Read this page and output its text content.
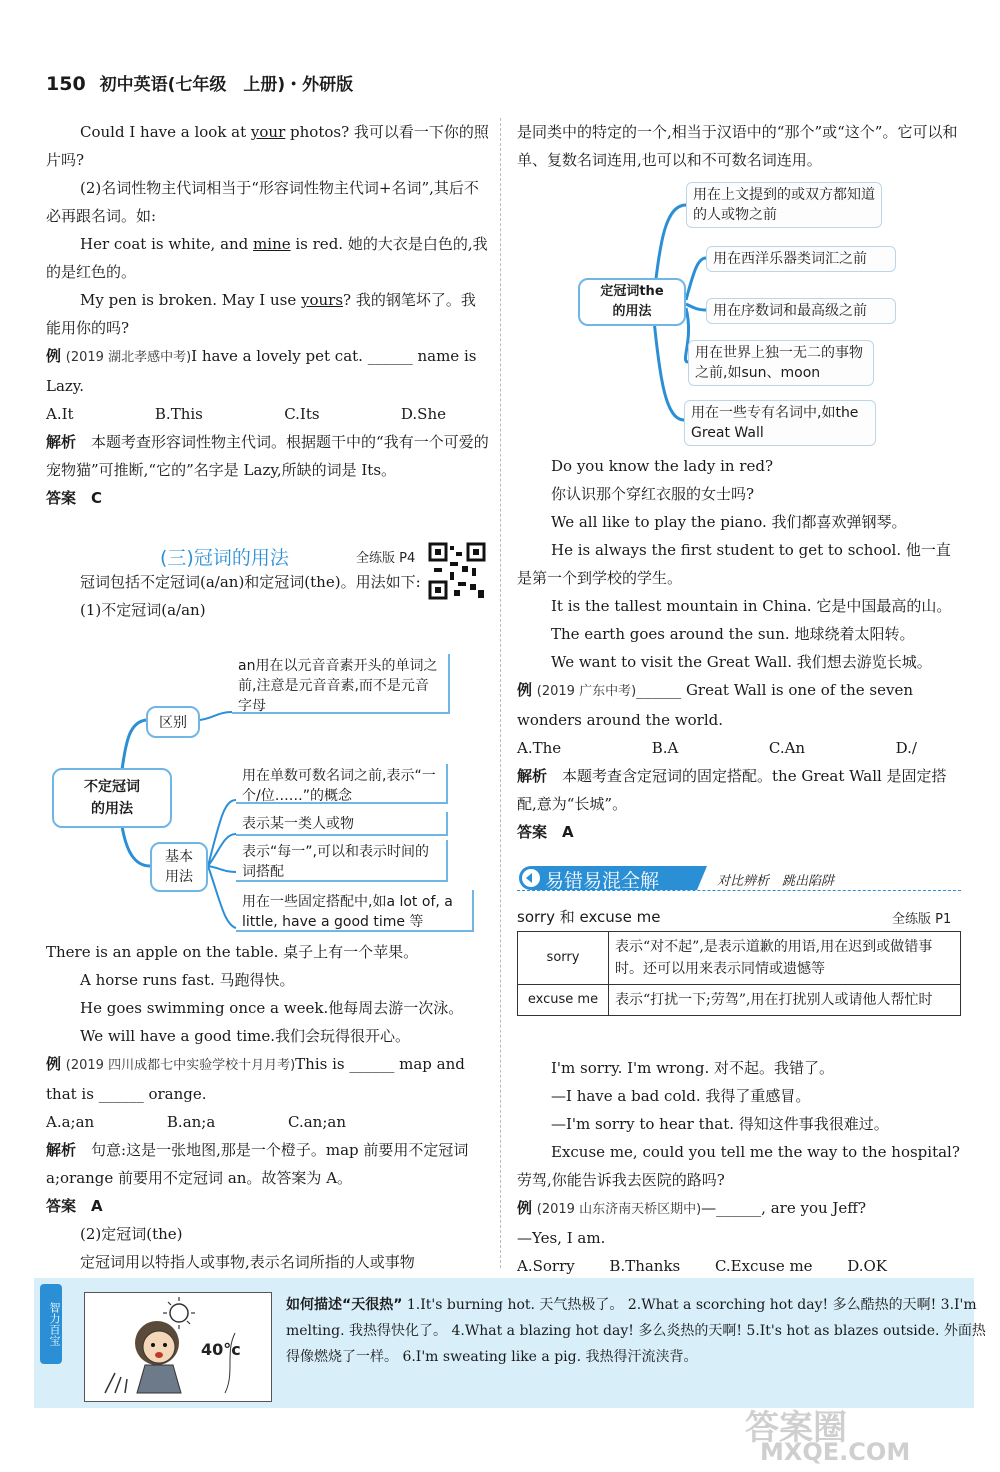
150 初中英语(七年级　上册)・外研版

Could I have a look at your photos? 我可以看一下你的照片吗?

(2)名词性物主代词相当于“形容词性物主代词+名词”,其后不必再跟名词。如:

Her coat is white, and mine is red. 她的大衣是白色的,我的是红色的。

My pen is broken. May I use yours? 我的钢笔坏了。我能用你的吗?

例 (2019 湖北孝感中考)I have a lovely pet cat. ______ name is Lazy.

A.It	B.This	C.Its	D.She

解析　 本题考查形容词性物主代词。根据题干中的“我有一个可爱的宠物猫”可推断,“它的”名字是 Lazy,所缺的词是 Its。

答案　 C

(三)冠词的用法	全练版 P4

冠词包括不定冠词(a/an)和定冠词(the)。用法如下:

(1)不定冠词(a/an)

不定冠词
的用法
区别
基本
用法
an用在以元音音素开头的单词之前,注意是元音音素,而不是元音字母
用在单数可数名词之前,表示“一个/位……”的概念
表示某一类人或物
表示“每一”,可以和表示时间的词搭配
用在一些固定搭配中,如a lot of, a little, have a good time 等

There is an apple on the table. 桌子上有一个苹果。

A horse runs fast. 马跑得快。

He goes swimming once a week.他每周去游一次泳。

We will have a good time.我们会玩得很开心。

例 (2019 四川成都七中实验学校十月月考)This is ______ map and that is ______ orange.

A.a;an	B.an;a	C.an;an

解析　 句意:这是一张地图,那是一个橙子。map 前要用不定冠词 a;orange 前要用不定冠词 an。故答案为 A。

答案　 A

(2)定冠词(the)

定冠词用以特指人或事物,表示名词所指的人或事物

是同类中的特定的一个,相当于汉语中的“那个”或“这个”。它可以和单、复数名词连用,也可以和不可数名词连用。

定冠词the
的用法
用在上文提到的或双方都知道的人或物之前
用在西洋乐器类词汇之前
用在序数词和最高级之前
用在世界上独一无二的事物之前,如sun、moon
用在一些专有名词中,如the Great Wall

Do you know the lady in red?

你认识那个穿红衣服的女士吗?

We all like to play the piano. 我们都喜欢弹钢琴。

He is always the first student to get to school. 他一直是第一个到学校的学生。

It is the tallest mountain in China. 它是中国最高的山。

The earth goes around the sun. 地球绕着太阳转。

We want to visit the Great Wall. 我们想去游览长城。

例 (2019 广东中考)______ Great Wall is one of the seven wonders around the world.

A.The	B.A	C.An	D./

解析　 本题考查含定冠词的固定搭配。the Great Wall 是固定搭配,意为“长城”。

答案　 A

易错易混全解	对比辨析　跳出陷阱
sorry 和 excuse me	全练版 P1
sorry	表示“对不起”,是表示道歉的用语,用在迟到或做错事时。还可以用来表示同情或遗憾等
excuse me	表示“打扰一下;劳驾”,用在打扰别人或请他人帮忙时

I'm sorry. I'm wrong. 对不起。我错了。

—I have a bad cold. 我得了重感冒。

—I'm sorry to hear that. 得知这件事我很难过。

Excuse me, could you tell me the way to the hospital? 劳驾,你能告诉我去医院的路吗?

例 (2019 山东济南天桥区期中)—______, are you Jeff?

—Yes, I am.

A.Sorry B.Thanks C.Excuse me D.OK
智力百宝
40°c
如何描述“天很热” 1.It's burning hot. 天气热极了。 2.What a scorching hot day! 多么酷热的天啊! 3.I'm melting. 我热得快化了。 4.What a blazing hot day! 多么炎热的天啊! 5.It's hot as blazes outside. 外面热得像燃烧了一样。 6.I'm sweating like a pig. 我热得汗流浃背。
答案圈
MXQE.COM
